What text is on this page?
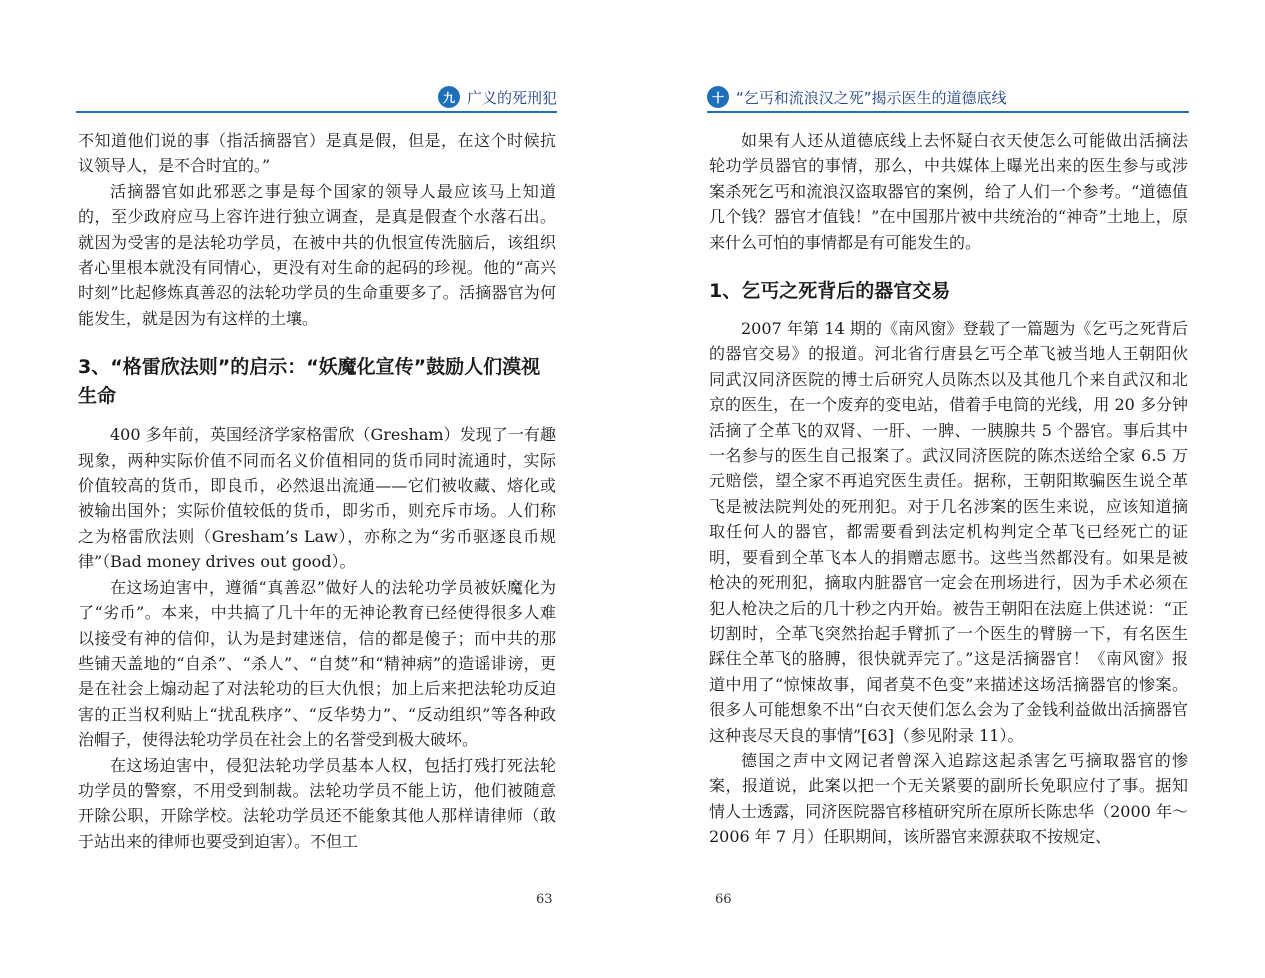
九 广义的死刑犯

不知道他们说的事（指活摘器官）是真是假，但是，在这个时候抗议领导人，是不合时宜的。”

活摘器官如此邪恶之事是每个国家的领导人最应该马上知道的，至少政府应马上容许进行独立调查，是真是假查个水落石出。就因为受害的是法轮功学员，在被中共的仇恨宣传洗脑后，该组织者心里根本就没有同情心，更没有对生命的起码的珍视。他的“高兴时刻”比起修炼真善忍的法轮功学员的生命重要多了。活摘器官为何能发生，就是因为有这样的土壤。

3、“格雷欣法则”的启示：“妖魔化宣传”鼓励人们漠视生命

400 多年前，英国经济学家格雷欣（Gresham）发现了一有趣现象，两种实际价值不同而名义价值相同的货币同时流通时，实际价值较高的货币，即良币，必然退出流通——它们被收藏、熔化或被输出国外；实际价值较低的货币，即劣币，则充斥市场。人们称之为格雷欣法则（Gresham’s Law），亦称之为“劣币驱逐良币规律”（Bad money drives out good）。

在这场迫害中，遵循“真善忍”做好人的法轮功学员被妖魔化为了“劣币”。本来，中共搞了几十年的无神论教育已经使得很多人难以接受有神的信仰，认为是封建迷信，信的都是傻子；而中共的那些铺天盖地的“自杀”、“杀人”、“自焚”和“精神病”的造谣诽谤，更是在社会上煽动起了对法轮功的巨大仇恨；加上后来把法轮功反迫害的正当权利贴上“扰乱秩序”、“反华势力”、“反动组织”等各种政治帽子，使得法轮功学员在社会上的名誉受到极大破坏。

在这场迫害中，侵犯法轮功学员基本人权，包括打残打死法轮功学员的警察，不用受到制裁。法轮功学员不能上访，他们被随意开除公职，开除学校。法轮功学员还不能象其他人那样请律师（敢于站出来的律师也要受到迫害）。不但工

63
十 “乞丐和流浪汉之死”揭示医生的道德底线

如果有人还从道德底线上去怀疑白衣天使怎么可能做出活摘法轮功学员器官的事情，那么，中共媒体上曝光出来的医生参与或涉案杀死乞丐和流浪汉盗取器官的案例，给了人们一个参考。“道德值几个钱？器官才值钱！”在中国那片被中共统治的“神奇”土地上，原来什么可怕的事情都是有可能发生的。

1、乞丐之死背后的器官交易

2007 年第 14 期的《南风窗》登载了一篇题为《乞丐之死背后的器官交易》的报道。河北省行唐县乞丐仝革飞被当地人王朝阳伙同武汉同济医院的博士后研究人员陈杰以及其他几个来自武汉和北京的医生，在一个废弃的变电站，借着手电筒的光线，用 20 多分钟活摘了仝革飞的双肾、一肝、一脾、一胰腺共 5 个器官。事后其中一名参与的医生自己报案了。武汉同济医院的陈杰送给仝家 6.5 万元赔偿，望仝家不再追究医生责任。据称，王朝阳欺骗医生说仝革飞是被法院判处的死刑犯。对于几名涉案的医生来说，应该知道摘取任何人的器官，都需要看到法定机构判定仝革飞已经死亡的证明，要看到仝革飞本人的捐赠志愿书。这些当然都没有。如果是被枪决的死刑犯，摘取内脏器官一定会在刑场进行，因为手术必须在犯人枪决之后的几十秒之内开始。被告王朝阳在法庭上供述说：“正切割时，仝革飞突然抬起手臂抓了一个医生的臂膀一下，有名医生踩住仝革飞的胳膊，很快就弄完了。”这是活摘器官！《南风窗》报道中用了“惊悚故事，闻者莫不色变”来描述这场活摘器官的惨案。很多人可能想象不出“白衣天使们怎么会为了金钱利益做出活摘器官这种丧尽天良的事情”[63]（参见附录 11）。

德国之声中文网记者曾深入追踪这起杀害乞丐摘取器官的惨案，报道说，此案以把一个无关紧要的副所长免职应付了事。据知情人士透露，同济医院器官移植研究所在原所长陈忠华（2000 年～ 2006 年 7 月）任职期间，该所器官来源获取不按规定、

66
